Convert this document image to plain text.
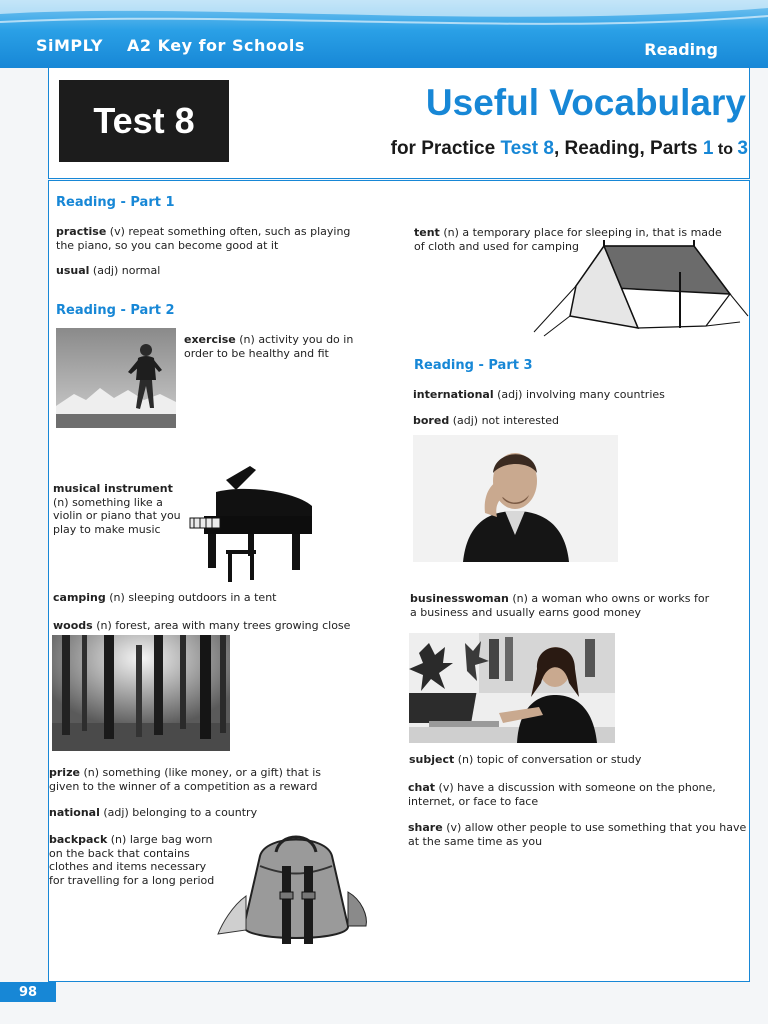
SiMPLY A2 Key for Schools	Reading
Test 8	Useful Vocabulary
for Practice Test 8, Reading, Parts 1 to 3
Reading - Part 1
practise (v) repeat something often, such as playing the piano, so you can become good at it
usual (adj) normal
Reading - Part 2
exercise (n) activity you do in order to be healthy and fit
musical instrument (n) something like a violin or piano that you play to make music
camping (n) sleeping outdoors in a tent
woods (n) forest, area with many trees growing close
prize (n) something (like money, or a gift) that is given to the winner of a competition as a reward
national (adj) belonging to a country
backpack (n) large bag worn on the back that contains clothes and items necessary for travelling for a long period
tent (n) a temporary place for sleeping in, that is made of cloth and used for camping
Reading - Part 3
international (adj) involving many countries
bored (adj) not interested
businesswoman (n) a woman who owns or works for a business and usually earns good money
subject (n) topic of conversation or study
chat (v) have a discussion with someone on the phone, internet, or face to face
share (v) allow other people to use something that you have at the same time as you
98
